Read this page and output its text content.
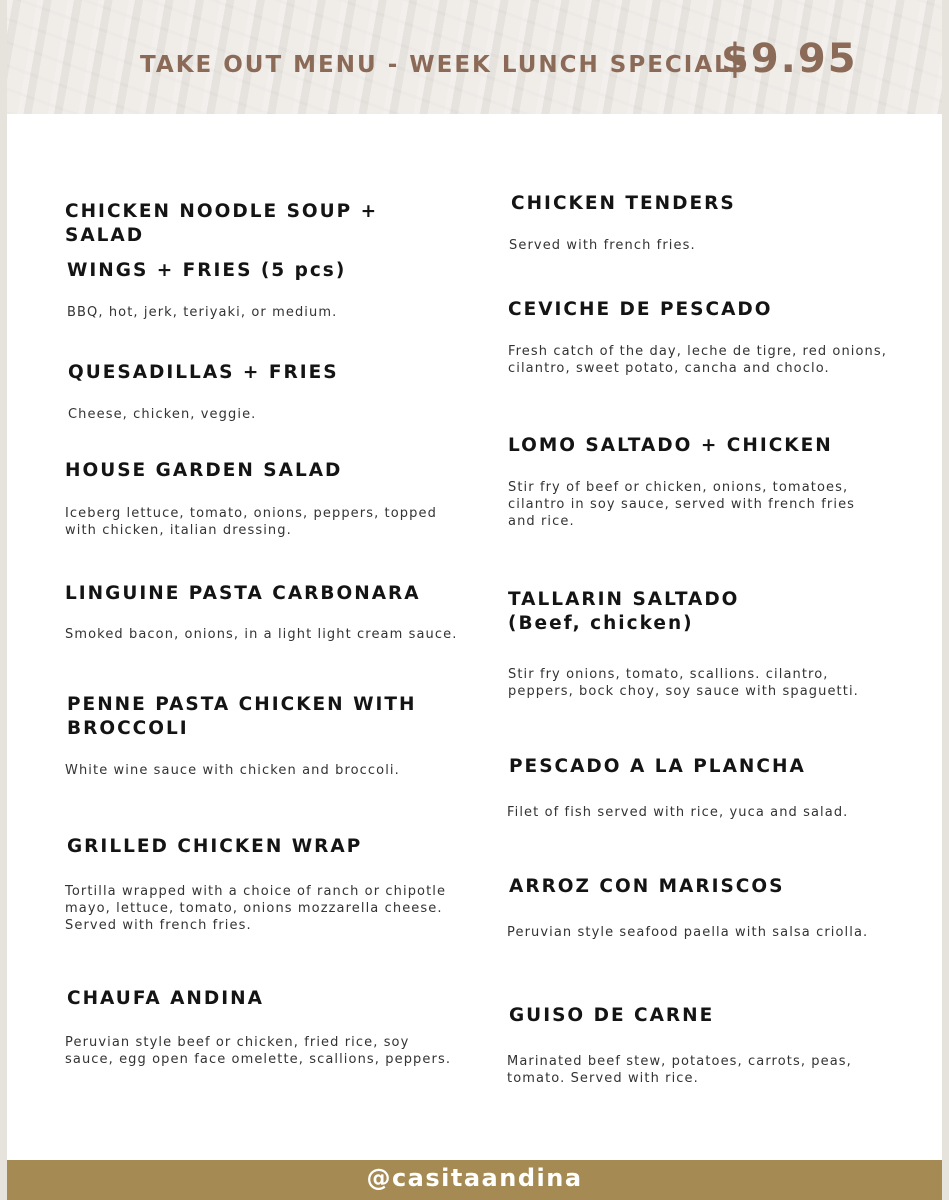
TAKE OUT MENU - WEEK LUNCH SPECIALS
$9.95
CHICKEN NOODLE SOUP + SALAD
WINGS + FRIES (5 pcs)
BBQ, hot, jerk, teriyaki, or medium.
QUESADILLAS + FRIES
Cheese, chicken, veggie.
HOUSE GARDEN SALAD
Iceberg lettuce, tomato, onions, peppers, topped with chicken, italian dressing.
LINGUINE PASTA CARBONARA
Smoked bacon, onions, in a light light cream sauce.
PENNE PASTA CHICKEN WITH BROCCOLI
White wine sauce with chicken and broccoli.
GRILLED CHICKEN WRAP
Tortilla wrapped with a choice of ranch or chipotle mayo, lettuce, tomato, onions mozzarella cheese. Served with french fries.
CHAUFA ANDINA
Peruvian style beef or chicken, fried rice, soy sauce, egg open face omelette, scallions, peppers.
CHICKEN TENDERS
Served with french fries.
CEVICHE DE PESCADO
Fresh catch of the day, leche de tigre, red onions, cilantro, sweet potato, cancha and choclo.
LOMO SALTADO + CHICKEN
Stir fry of beef or chicken, onions, tomatoes, cilantro in soy sauce, served with french fries and rice.
TALLARIN SALTADO (Beef, chicken)
Stir fry onions, tomato, scallions. cilantro, peppers, bock choy, soy sauce with spaguetti.
PESCADO A LA PLANCHA
Filet of fish served with rice, yuca and salad.
ARROZ CON MARISCOS
Peruvian style seafood paella with salsa criolla.
GUISO DE CARNE
Marinated beef stew, potatoes, carrots, peas, tomato. Served with rice.
@casitaandina
